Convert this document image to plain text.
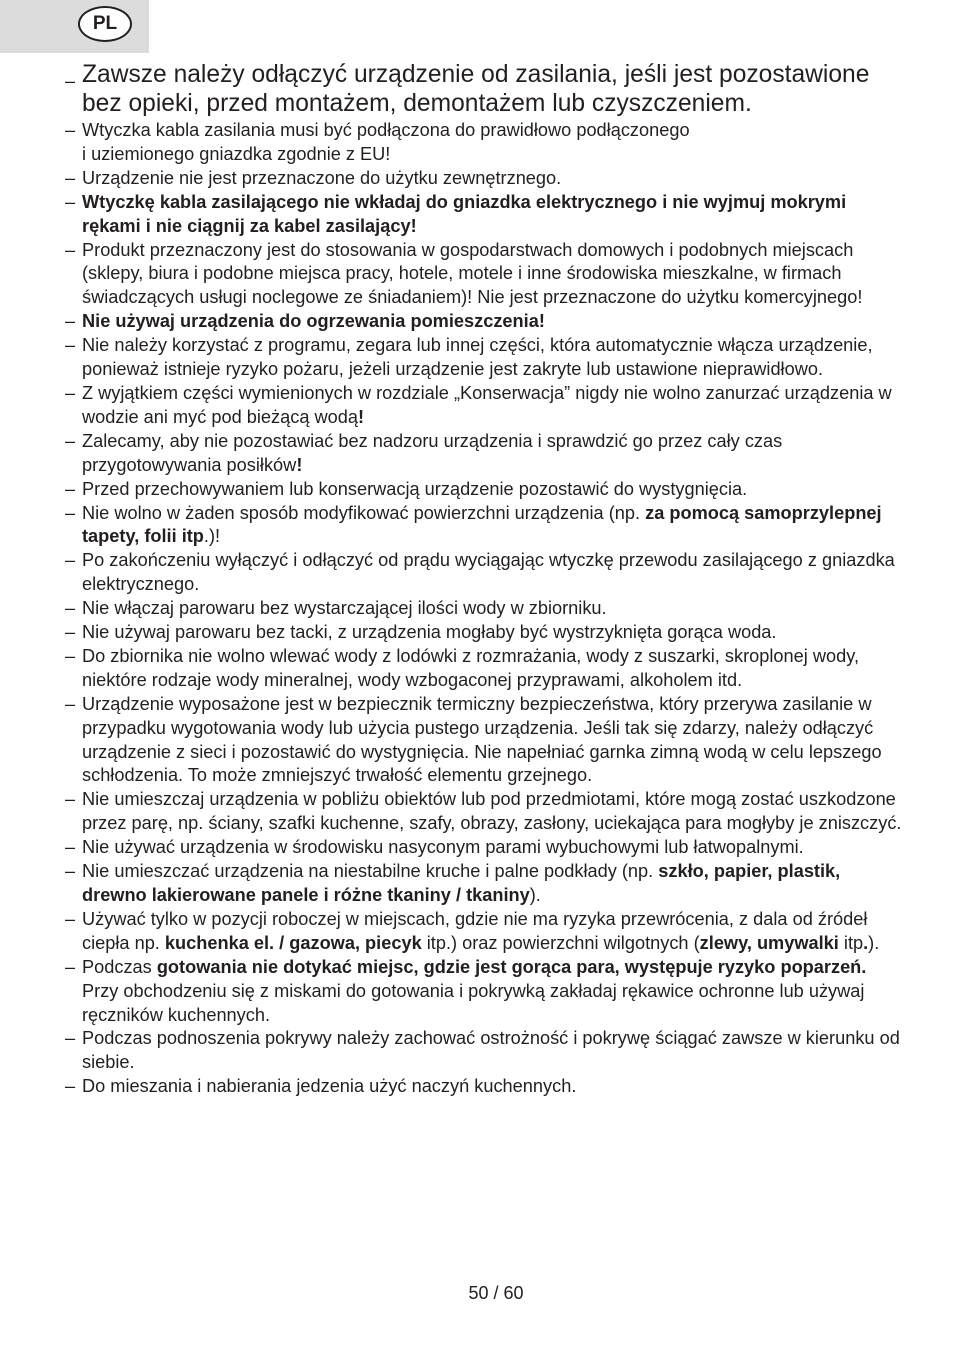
PL
– Zawsze należy odłączyć urządzenie od zasilania, jeśli jest pozostawione bez opieki, przed montażem, demontażem lub czyszczeniem.
– Wtyczka kabla zasilania musi być podłączona do prawidłowo podłączonego
i uziemionego gniazdka zgodnie z EU!
– Urządzenie nie jest przeznaczone do użytku zewnętrznego.
– Wtyczkę kabla zasilającego nie wkładaj do gniazdka elektrycznego i nie wyjmuj mokrymi rękami i nie ciągnij za kabel zasilający!
– Produkt przeznaczony jest do stosowania w gospodarstwach domowych i podobnych miejscach (sklepy, biura i podobne miejsca pracy, hotele, motele i inne środowiska mieszkalne, w firmach świadczących usługi noclegowe ze śniadaniem)! Nie jest przeznaczone do użytku komercyjnego!
– Nie używaj urządzenia do ogrzewania pomieszczenia!
– Nie należy korzystać z programu, zegara lub innej części, która automatycznie włącza urządzenie, ponieważ istnieje ryzyko pożaru, jeżeli urządzenie jest zakryte lub ustawione nieprawidłowo.
– Z wyjątkiem części wymienionych w rozdziale „Konserwacja” nigdy nie wolno zanurzać urządzenia w wodzie ani myć pod bieżącą wodą!
– Zalecamy, aby nie pozostawiać bez nadzoru urządzenia i sprawdzić go przez cały czas przygotowywania posiłków!
– Przed przechowywaniem lub konserwacją urządzenie pozostawić do wystygnięcia.
– Nie wolno w żaden sposób modyfikować powierzchni urządzenia (np. za pomocą samoprzylepnej tapety, folii itp.)!
– Po zakończeniu wyłączyć i odłączyć od prądu wyciągając wtyczkę przewodu zasilającego z gniazdka elektrycznego.
– Nie włączaj parowaru bez wystarczającej ilości wody w zbiorniku.
– Nie używaj parowaru bez tacki, z urządzenia mogłaby być wystrzyknięta gorąca woda.
– Do zbiornika nie wolno wlewać wody z lodówki z rozmrażania, wody z suszarki, skroplonej wody, niektóre rodzaje wody mineralnej, wody wzbogaconej przyprawami, alkoholem itd.
– Urządzenie wyposażone jest w bezpiecznik termiczny bezpieczeństwa, który przerywa zasilanie w przypadku wygotowania wody lub użycia pustego urządzenia. Jeśli tak się zdarzy, należy odłączyć urządzenie z sieci i pozostawić do wystygnięcia. Nie napełniać garnka zimną wodą w celu lepszego schłodzenia. To może zmniejszyć trwałość elementu grzejnego.
– Nie umieszczaj urządzenia w pobliżu obiektów lub pod przedmiotami, które mogą zostać uszkodzone przez parę, np. ściany, szafki kuchenne, szafy, obrazy, zasłony, uciekająca para mogłyby je zniszczyć.
– Nie używać urządzenia w środowisku nasyconym parami wybuchowymi lub łatwopalnymi.
– Nie umieszczać urządzenia na niestabilne kruche i palne podkłady (np. szkło, papier, plastik, drewno lakierowane panele i różne tkaniny / tkaniny).
– Używać tylko w pozycji roboczej w miejscach, gdzie nie ma ryzyka przewrócenia, z dala od źródeł ciepła np. kuchenka el. / gazowa, piecyk itp.) oraz powierzchni wilgotnych (zlewy, umywalki itp.).
– Podczas gotowania nie dotykać miejsc, gdzie jest gorąca para, występuje ryzyko poparzeń. Przy obchodzeniu się z miskami do gotowania i pokrywką zakładaj rękawice ochronne lub używaj ręczników kuchennych.
– Podczas podnoszenia pokrywy należy zachować ostrożność i pokrywę ściągać zawsze w kierunku od siebie.
– Do mieszania i nabierania jedzenia użyć naczyń kuchennych.
50 / 60
